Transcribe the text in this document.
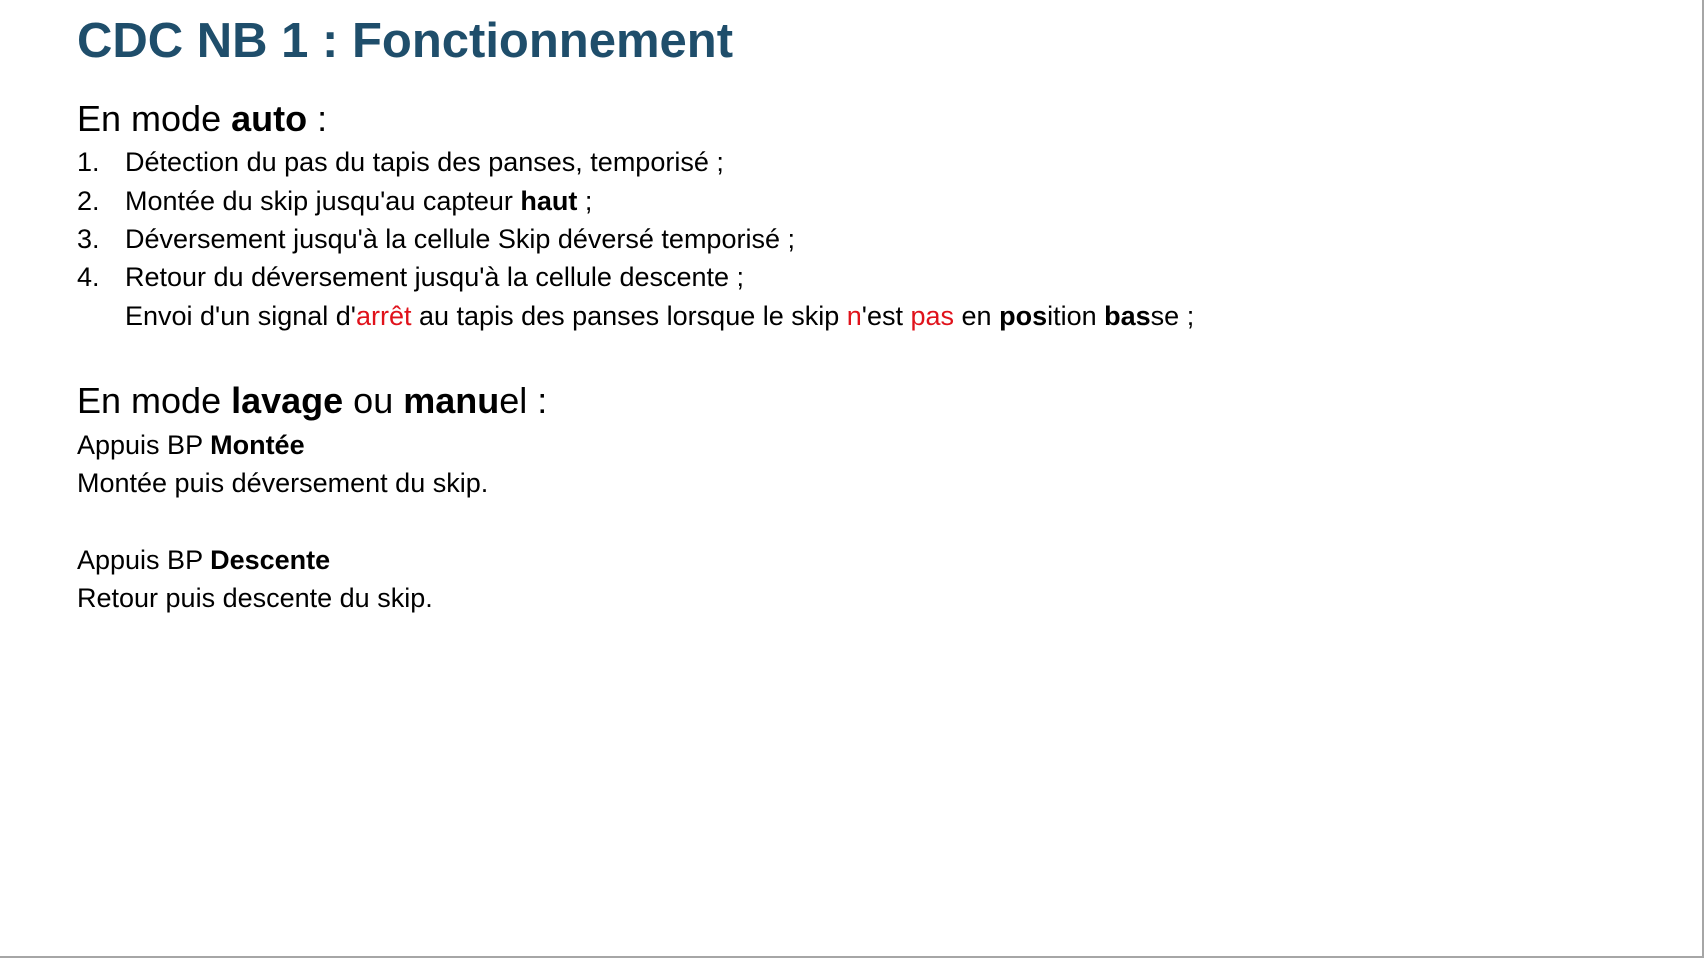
CDC NB 1 : Fonctionnement
En mode auto :
1. Détection du pas du tapis des panses, temporisé ;

2. Montée du skip jusqu'au capteur haut ;

3. Déversement jusqu'à la cellule Skip déversé temporisé ;

4. Retour du déversement jusqu'à la cellule descente ;

Envoi d'un signal d'arrêt au tapis des panses lorsque le skip n'est pas en position basse ;

En mode lavage ou manuel :

Appuis BP Montée

Montée puis déversement du skip.

Appuis BP Descente

Retour puis descente du skip.
